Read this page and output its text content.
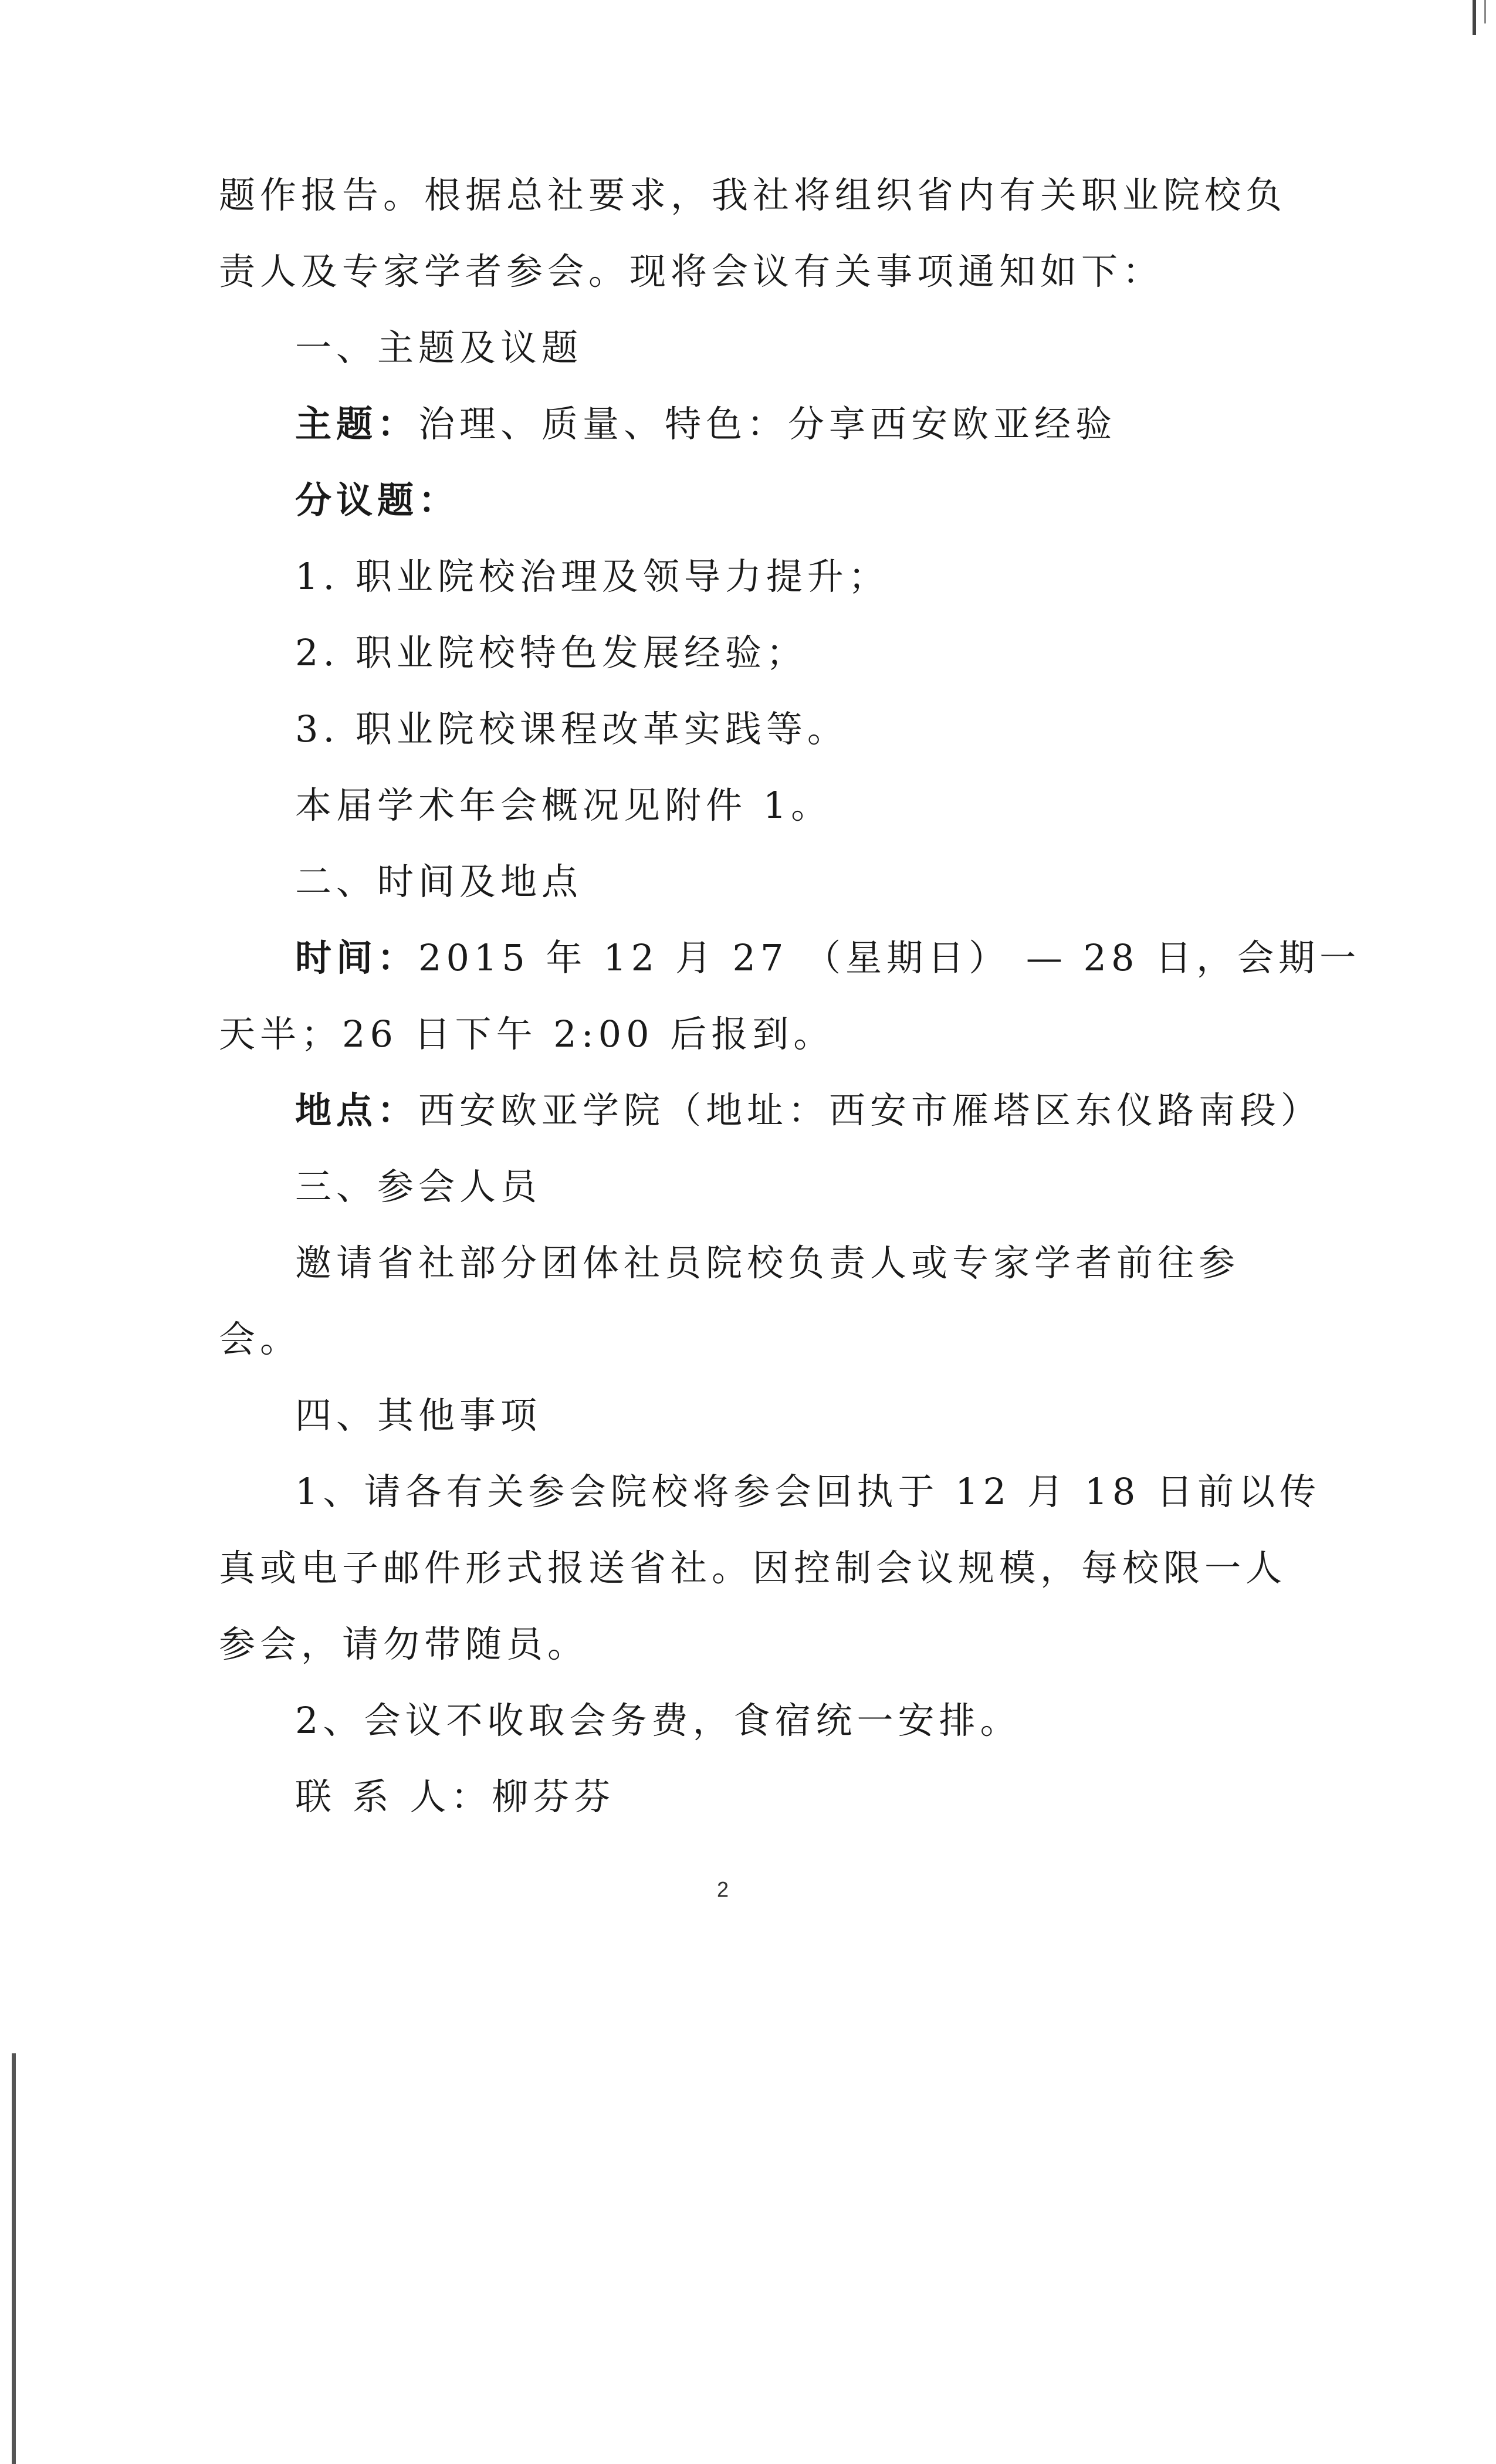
题作报告。根据总社要求，我社将组织省内有关职业院校负
责人及专家学者参会。现将会议有关事项通知如下：
一、主题及议题
主题：治理、质量、特色：分享西安欧亚经验
分议题：
1. 职业院校治理及领导力提升；
2. 职业院校特色发展经验；
3. 职业院校课程改革实践等。
本届学术年会概况见附件 1。
二、时间及地点
时间：2015 年 12 月 27 （星期日） — 28 日，会期一
天半；26 日下午 2:00 后报到。
地点：西安欧亚学院（地址：西安市雁塔区东仪路南段）
三、参会人员
邀请省社部分团体社员院校负责人或专家学者前往参
会。
四、其他事项
1、请各有关参会院校将参会回执于 12 月 18 日前以传
真或电子邮件形式报送省社。因控制会议规模，每校限一人
参会，请勿带随员。
2、会议不收取会务费，食宿统一安排。
联 系 人：柳芬芬
2
